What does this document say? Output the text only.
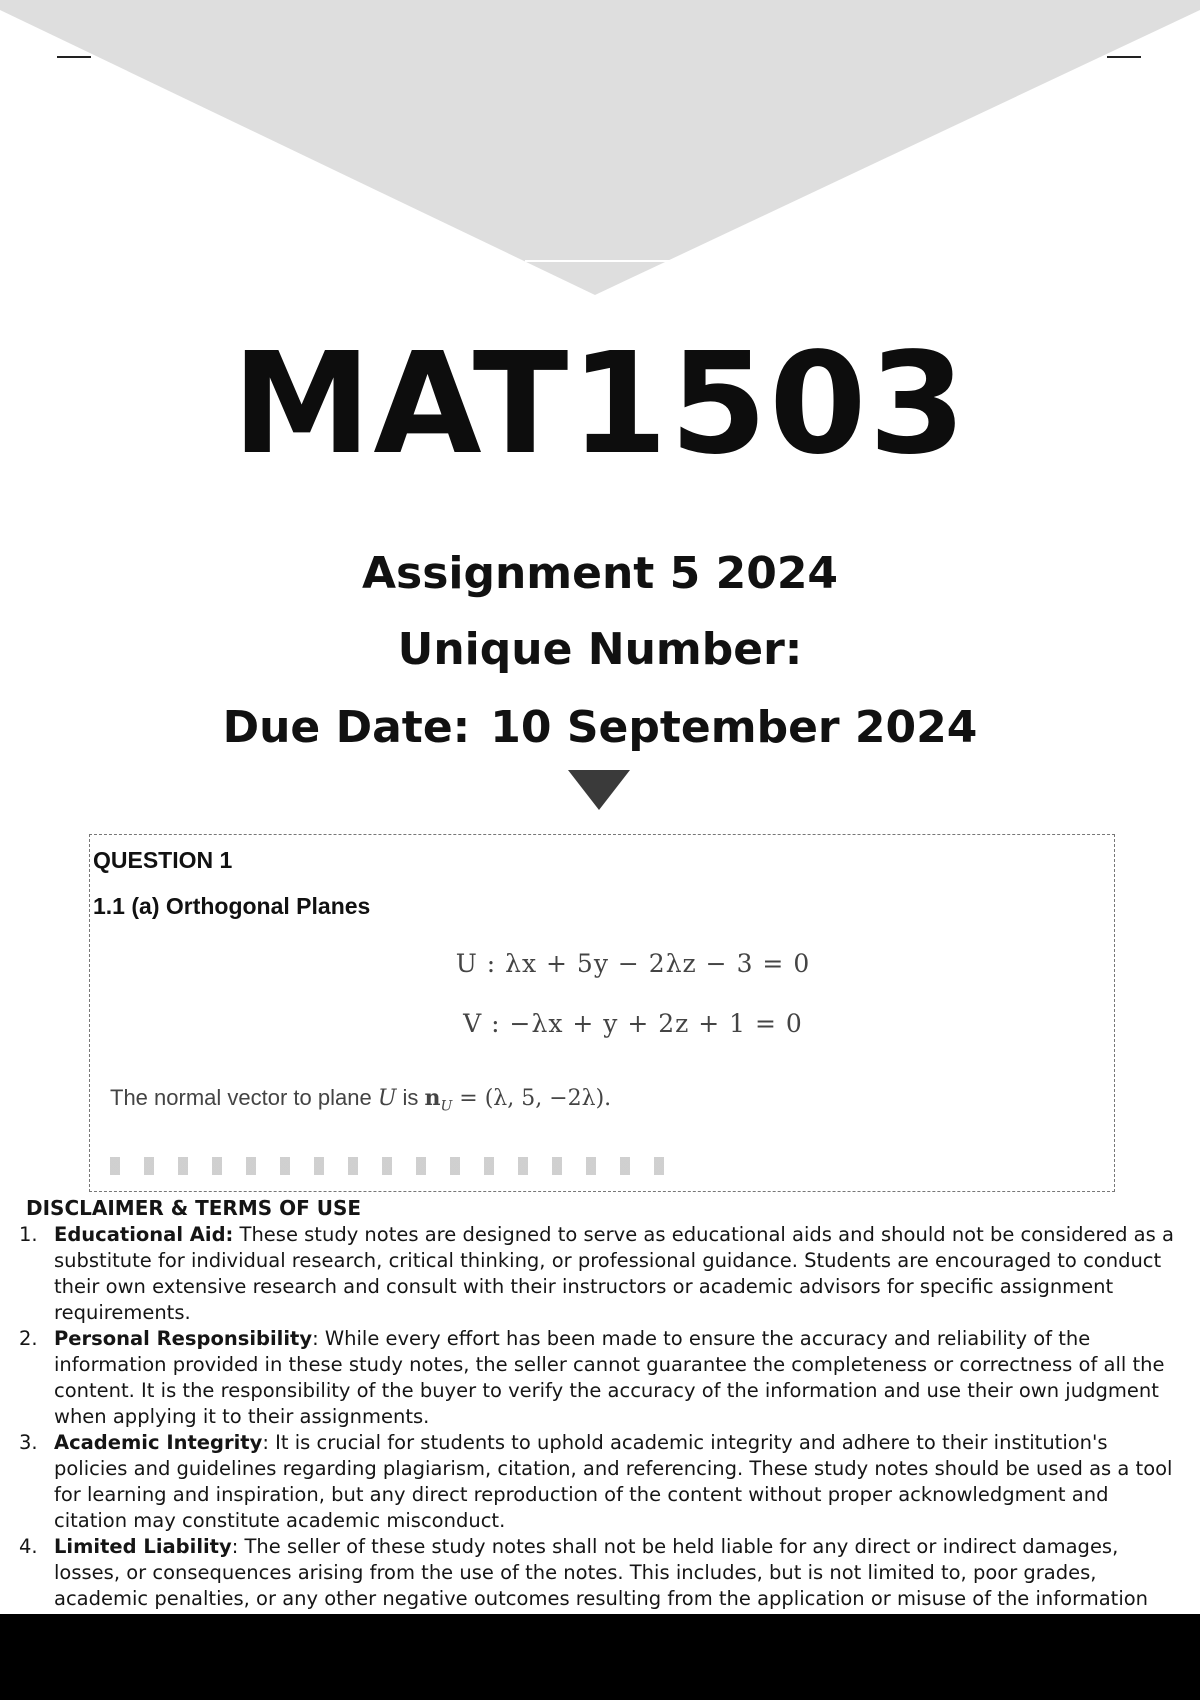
MAT1503
Assignment 5 2024
Unique Number:
Due Date: 10 September 2024
QUESTION 1
1.1 (a) Orthogonal Planes
U : λx + 5y − 2λz − 3 = 0
V : −λx + y + 2z + 1 = 0
The normal vector to plane U is $n_U = (\lambda$, 5, −2λ).
DISCLAIMER & TERMS OF USE
1. Educational Aid: These study notes are designed to serve as educational aids and should not be considered as a substitute for individual research, critical thinking, or professional guidance. Students are encouraged to conduct their own extensive research and consult with their instructors or academic advisors for specific assignment requirements.
2. Personal Responsibility: While every effort has been made to ensure the accuracy and reliability of the information provided in these study notes, the seller cannot guarantee the completeness or correctness of all the content. It is the responsibility of the buyer to verify the accuracy of the information and use their own judgment when applying it to their assignments.
3. Academic Integrity: It is crucial for students to uphold academic integrity and adhere to their institution's policies and guidelines regarding plagiarism, citation, and referencing. These study notes should be used as a tool for learning and inspiration, but any direct reproduction of the content without proper acknowledgment and citation may constitute academic misconduct.
4. Limited Liability: The seller of these study notes shall not be held liable for any direct or indirect damages, losses, or consequences arising from the use of the notes. This includes, but is not limited to, poor grades, academic penalties, or any other negative outcomes resulting from the application or misuse of the information
